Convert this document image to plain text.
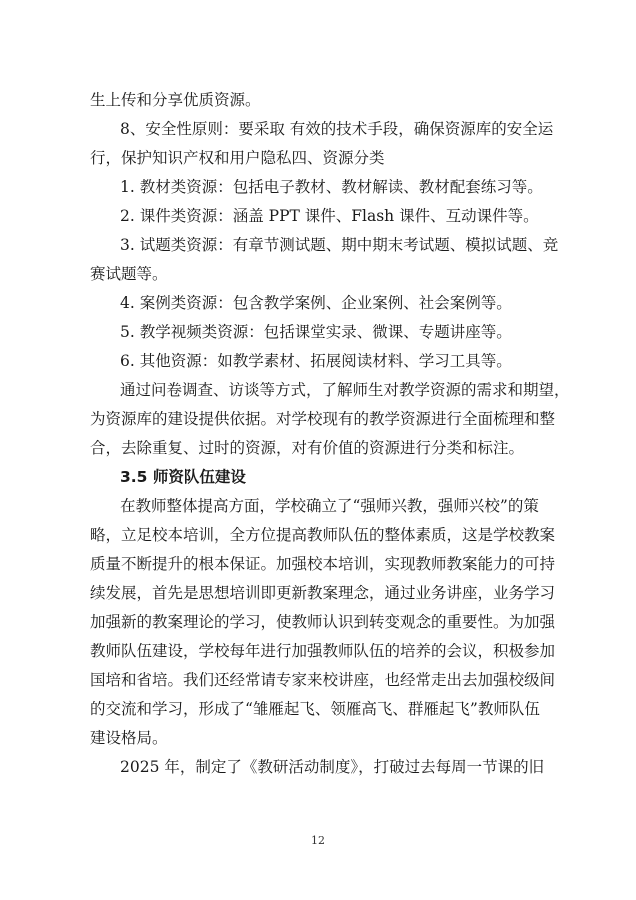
生上传和分享优质资源。
8、安全性原则：要采取 有效的技术手段，确保资源库的安全运
行，保护知识产权和用户隐私四、资源分类
1. 教材类资源：包括电子教材、教材解读、教材配套练习等。
2. 课件类资源：涵盖 PPT 课件、Flash 课件、互动课件等。
3. 试题类资源：有章节测试题、期中期末考试题、模拟试题、竞
赛试题等。
4. 案例类资源：包含教学案例、企业案例、社会案例等。
5. 教学视频类资源：包括课堂实录、微课、专题讲座等。
6. 其他资源：如教学素材、拓展阅读材料、学习工具等。
通过问卷调查、访谈等方式，了解师生对教学资源的需求和期望，
为资源库的建设提供依据。对学校现有的教学资源进行全面梳理和整
合，去除重复、过时的资源，对有价值的资源进行分类和标注。
3.5 师资队伍建设
在教师整体提高方面，学校确立了“强师兴教，强师兴校”的策
略，立足校本培训，全方位提高教师队伍的整体素质，这是学校教案
质量不断提升的根本保证。加强校本培训，实现教师教案能力的可持
续发展，首先是思想培训即更新教案理念，通过业务讲座，业务学习
加强新的教案理论的学习，使教师认识到转变观念的重要性。为加强
教师队伍建设，学校每年进行加强教师队伍的培养的会议，积极参加
国培和省培。我们还经常请专家来校讲座，也经常走出去加强校级间
的交流和学习，形成了“雏雁起飞、领雁高飞、群雁起飞”教师队伍
建设格局。
2025 年，制定了《教研活动制度》，打破过去每周一节课的旧
12
